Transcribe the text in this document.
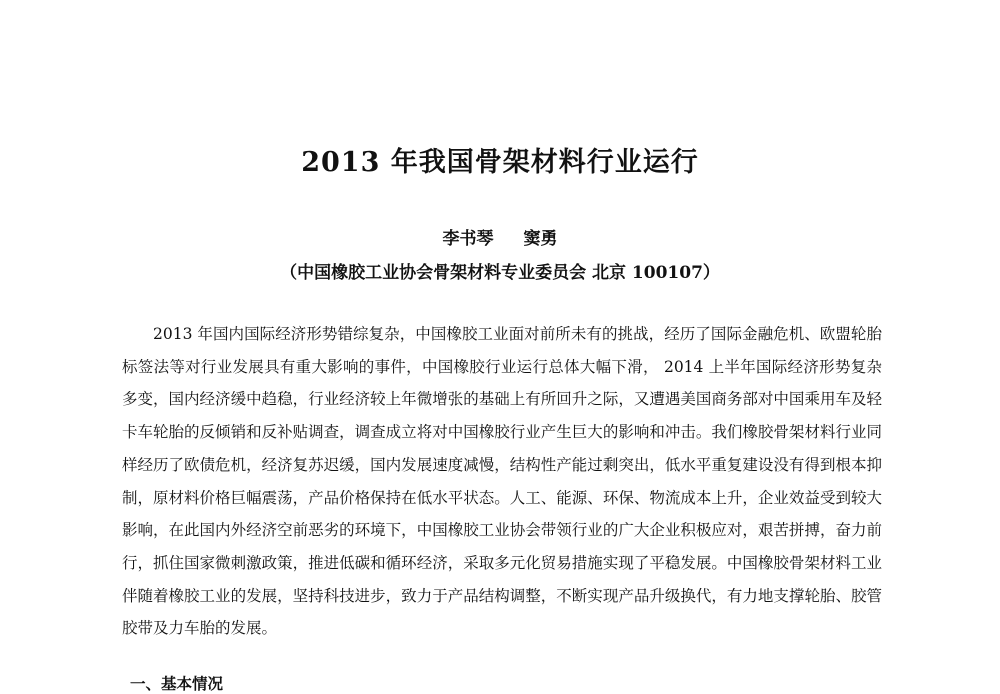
2013 年我国骨架材料行业运行
李书琴 窦勇
（中国橡胶工业协会骨架材料专业委员会 北京 100107）

2013 年国内国际经济形势错综复杂，中国橡胶工业面对前所未有的挑战，经历了国际金融危机、欧盟轮胎标签法等对行业发展具有重大影响的事件，中国橡胶行业运行总体大幅下滑， 2014 上半年国际经济形势复杂多变，国内经济缓中趋稳，行业经济较上年微增张的基础上有所回升之际，又遭遇美国商务部对中国乘用车及轻卡车轮胎的反倾销和反补贴调查，调查成立将对中国橡胶行业产生巨大的影响和冲击。我们橡胶骨架材料行业同样经历了欧债危机，经济复苏迟缓，国内发展速度减慢，结构性产能过剩突出，低水平重复建设没有得到根本抑制，原材料价格巨幅震荡，产品价格保持在低水平状态。人工、能源、环保、物流成本上升，企业效益受到较大影响，在此国内外经济空前恶劣的环境下，中国橡胶工业协会带领行业的广大企业积极应对，艰苦拼搏，奋力前行，抓住国家微刺激政策，推进低碳和循环经济，采取多元化贸易措施实现了平稳发展。中国橡胶骨架材料工业伴随着橡胶工业的发展，坚持科技进步，致力于产品结构调整，不断实现产品升级换代，有力地支撑轮胎、胶管胶带及力车胎的发展。

一、基本情况
